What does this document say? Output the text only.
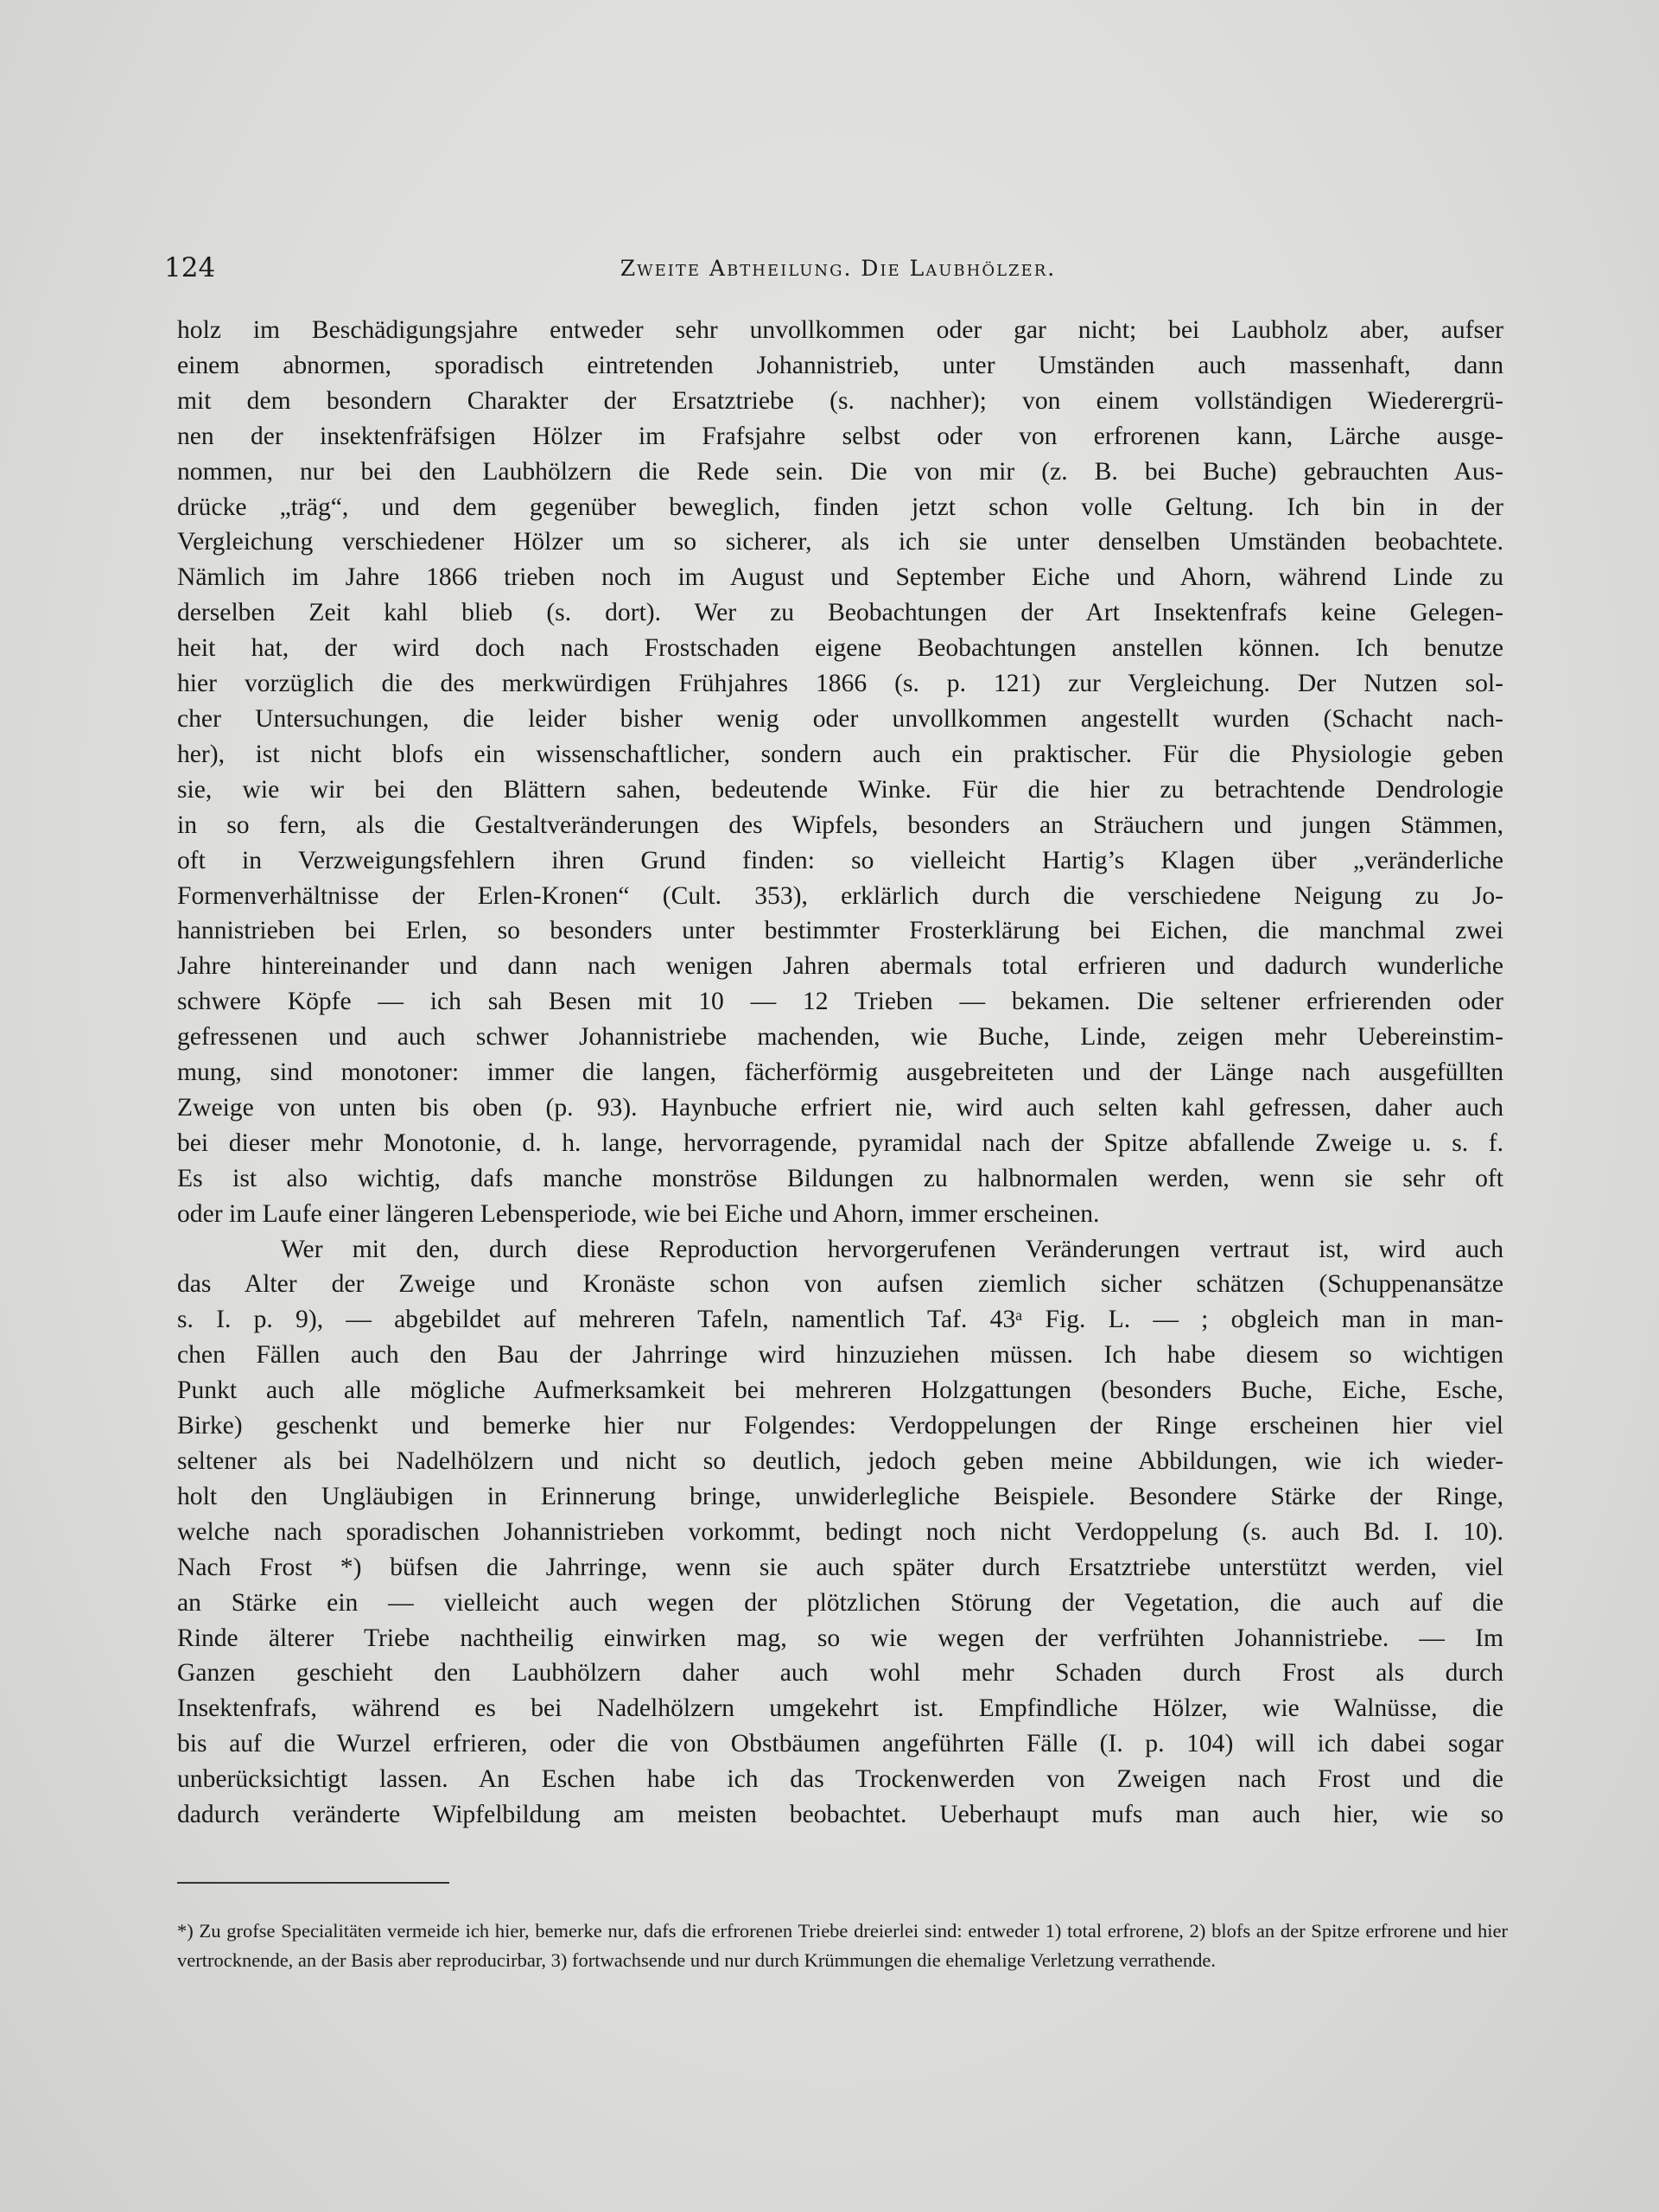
124	Zweite Abtheilung. Die Laubhölzer.
holz im Beschädigungsjahre entweder sehr unvollkommen oder gar nicht; bei Laubholz aber, aufser
einem abnormen, sporadisch eintretenden Johannistrieb, unter Umständen auch massenhaft, dann
mit dem besondern Charakter der Ersatztriebe (s. nachher); von einem vollständigen Wiederergrü-
nen der insektenfräfsigen Hölzer im Frafsjahre selbst oder von erfrorenen kann, Lärche ausge-
nommen, nur bei den Laubhölzern die Rede sein. Die von mir (z. B. bei Buche) gebrauchten Aus-
drücke „träg“, und dem gegenüber beweglich, finden jetzt schon volle Geltung. Ich bin in der
Vergleichung verschiedener Hölzer um so sicherer, als ich sie unter denselben Umständen beobachtete.
Nämlich im Jahre 1866 trieben noch im August und September Eiche und Ahorn, während Linde zu
derselben Zeit kahl blieb (s. dort). Wer zu Beobachtungen der Art Insektenfrafs keine Gelegen-
heit hat, der wird doch nach Frostschaden eigene Beobachtungen anstellen können. Ich benutze
hier vorzüglich die des merkwürdigen Frühjahres 1866 (s. p. 121) zur Vergleichung. Der Nutzen sol-
cher Untersuchungen, die leider bisher wenig oder unvollkommen angestellt wurden (Schacht nach-
her), ist nicht blofs ein wissenschaftlicher, sondern auch ein praktischer. Für die Physiologie geben
sie, wie wir bei den Blättern sahen, bedeutende Winke. Für die hier zu betrachtende Dendrologie
in so fern, als die Gestaltveränderungen des Wipfels, besonders an Sträuchern und jungen Stämmen,
oft in Verzweigungsfehlern ihren Grund finden: so vielleicht Hartig’s Klagen über „veränderliche
Formenverhältnisse der Erlen-Kronen“ (Cult. 353), erklärlich durch die verschiedene Neigung zu Jo-
hannistrieben bei Erlen, so besonders unter bestimmter Frosterklärung bei Eichen, die manchmal zwei
Jahre hintereinander und dann nach wenigen Jahren abermals total erfrieren und dadurch wunderliche
schwere Köpfe — ich sah Besen mit 10 — 12 Trieben — bekamen. Die seltener erfrierenden oder
gefressenen und auch schwer Johannistriebe machenden, wie Buche, Linde, zeigen mehr Uebereinstim-
mung, sind monotoner: immer die langen, fächerförmig ausgebreiteten und der Länge nach ausgefüllten
Zweige von unten bis oben (p. 93). Haynbuche erfriert nie, wird auch selten kahl gefressen, daher auch
bei dieser mehr Monotonie, d. h. lange, hervorragende, pyramidal nach der Spitze abfallende Zweige u. s. f.
Es ist also wichtig, dafs manche monströse Bildungen zu halbnormalen werden, wenn sie sehr oft
oder im Laufe einer längeren Lebensperiode, wie bei Eiche und Ahorn, immer erscheinen.
Wer mit den, durch diese Reproduction hervorgerufenen Veränderungen vertraut ist, wird auch
das Alter der Zweige und Kronäste schon von aufsen ziemlich sicher schätzen (Schuppenansätze
s. I. p. 9), — abgebildet auf mehreren Tafeln, namentlich Taf. 43ᵃ Fig. L. — ; obgleich man in man-
chen Fällen auch den Bau der Jahrringe wird hinzuziehen müssen. Ich habe diesem so wichtigen
Punkt auch alle mögliche Aufmerksamkeit bei mehreren Holzgattungen (besonders Buche, Eiche, Esche,
Birke) geschenkt und bemerke hier nur Folgendes: Verdoppelungen der Ringe erscheinen hier viel
seltener als bei Nadelhölzern und nicht so deutlich, jedoch geben meine Abbildungen, wie ich wieder-
holt den Ungläubigen in Erinnerung bringe, unwiderlegliche Beispiele. Besondere Stärke der Ringe,
welche nach sporadischen Johannistrieben vorkommt, bedingt noch nicht Verdoppelung (s. auch Bd. I. 10).
Nach Frost *) büfsen die Jahrringe, wenn sie auch später durch Ersatztriebe unterstützt werden, viel
an Stärke ein — vielleicht auch wegen der plötzlichen Störung der Vegetation, die auch auf die
Rinde älterer Triebe nachtheilig einwirken mag, so wie wegen der verfrühten Johannistriebe. — Im
Ganzen geschieht den Laubhölzern daher auch wohl mehr Schaden durch Frost als durch
Insektenfrafs, während es bei Nadelhölzern umgekehrt ist. Empfindliche Hölzer, wie Walnüsse, die
bis auf die Wurzel erfrieren, oder die von Obstbäumen angeführten Fälle (I. p. 104) will ich dabei sogar
unberücksichtigt lassen. An Eschen habe ich das Trockenwerden von Zweigen nach Frost und die
dadurch veränderte Wipfelbildung am meisten beobachtet. Ueberhaupt mufs man auch hier, wie so
*) Zu grofse Specialitäten vermeide ich hier, bemerke nur, dafs die erfrorenen Triebe dreierlei sind: entweder 1) total erfrorene, 2) blofs an der Spitze erfrorene und hier vertrocknende, an der Basis aber reproducirbar, 3) fortwachsende und nur durch Krümmungen die ehemalige Verletzung verrathende.
